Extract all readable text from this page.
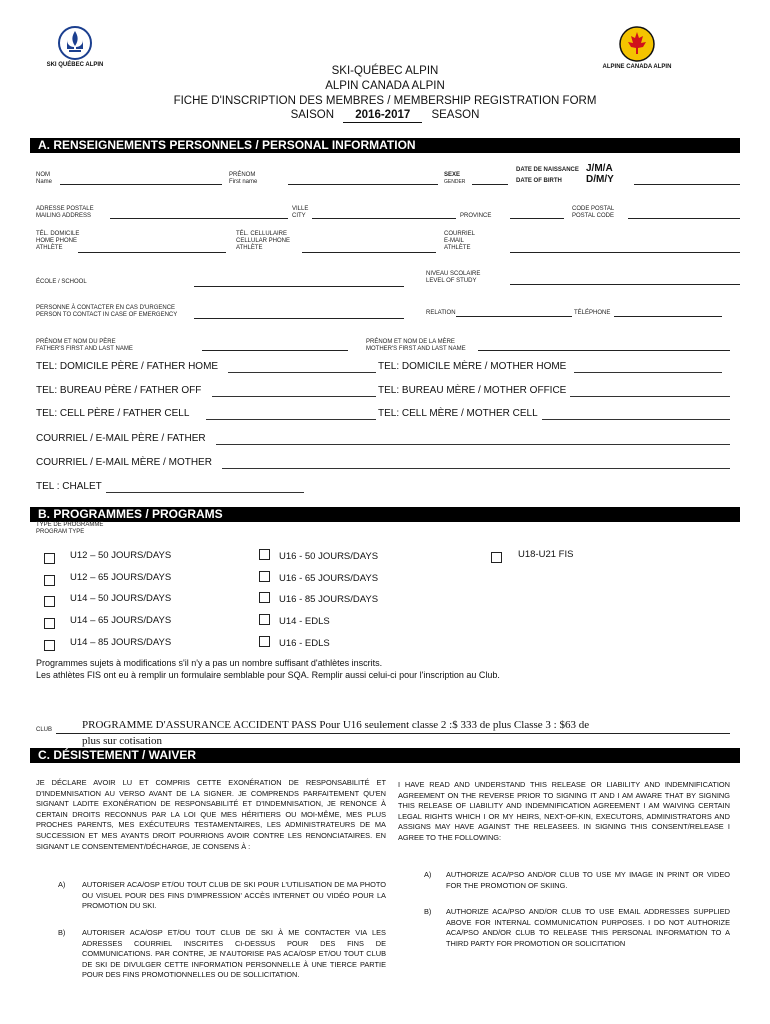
SKI QUÉBEC ALPIN	ALPINE CANADA ALPIN
SKI-QUÉBEC ALPIN
ALPIN CANADA ALPIN
FICHE D'INSCRIPTION DES MEMBRES / MEMBERSHIP REGISTRATION FORM
SAISON 2016-2017 SEASON
A. RENSEIGNEMENTS PERSONNELS / PERSONAL INFORMATION
NOM
Name
PRÉNOM
First name
SEXE
GENDER
DATE DE NAISSANCE J/M/A
DATE OF BIRTH D/M/Y
ADRESSE POSTALE
MAILING ADDRESS
VILLE
CITY	PROVINCE
CODE POSTAL
POSTAL CODE
TÉL. DOMICILE
HOME PHONE
ATHLÈTE
TÉL. CELLULAIRE
CELLULAR PHONE
ATHLÈTE
COURRIEL
E-MAIL
ATHLÈTE
NIVEAU SCOLAIRE
LEVEL OF STUDY
ÉCOLE / SCHOOL
PERSONNE À CONTACTER EN CAS D'URGENCE
PERSON TO CONTACT IN CASE OF EMERGENCY	RELATION	TÉLÉPHONE
PRÉNOM ET NOM DU PÈRE
FATHER'S FIRST AND LAST NAME
PRÉNOM ET NOM DE LA MÈRE
MOTHER'S FIRST AND LAST NAME
TEL: DOMICILE PÈRE / FATHER HOME	TEL: DOMICILE MÈRE / MOTHER HOME
TEL: BUREAU PÈRE / FATHER OFF	TEL: BUREAU MÈRE / MOTHER OFFICE
TEL: CELL PÈRE / FATHER CELL	TEL: CELL MÈRE / MOTHER CELL
COURRIEL / E-MAIL PÈRE / FATHER
COURRIEL / E-MAIL MÈRE / MOTHER
TEL : CHALET
B. PROGRAMMES / PROGRAMS
TYPE DE PROGRAMME
PROGRAM TYPE
U12 – 50 JOURS/DAYS
U12 – 65 JOURS/DAYS
U14 – 50 JOURS/DAYS
U14 – 65 JOURS/DAYS
U14 – 85 JOURS/DAYS
U16 - 50 JOURS/DAYS
U16 - 65 JOURS/DAYS
U16 - 85 JOURS/DAYS
U14 - EDLS
U16 - EDLS
U18-U21 FIS
Programmes sujets à modifications s'il n'y a pas un nombre suffisant d'athlètes inscrits.
Les athlètes FIS ont eu à remplir un formulaire semblable pour SQA. Remplir aussi celui-ci pour l'inscription au Club.
CLUB	PROGRAMME D'ASSURANCE ACCIDENT PASS Pour U16 seulement classe 2 :$ 333 de plus Classe 3 : $63 de
plus sur cotisation
C. DÉSISTEMENT / WAIVER
JE DÉCLARE AVOIR LU ET COMPRIS CETTE EXONÉRATION DE RESPONSABILITÉ ET D'INDEMNISATION AU VERSO AVANT DE LA SIGNER. JE COMPRENDS PARFAITEMENT QU'EN SIGNANT LADITE EXONÉRATION DE RESPONSABILITÉ ET D'INDEMNISATION, JE RENONCE À CERTAIN DROITS RECONNUS PAR LA LOI QUE MES HÉRITIERS OU MOI-MÊME, MES PLUS PROCHES PARENTS, MES EXÉCUTEURS TESTAMENTAIRES, LES ADMINISTRATEURS DE MA SUCCESSION ET MES AYANTS DROIT POURRIONS AVOIR CONTRE LES RENONCIATAIRES. EN SIGNANT LE CONSENTEMENT/DÉCHARGE, JE CONSENS À :
A) AUTORISER ACA/OSP ET/OU TOUT CLUB DE SKI POUR L'UTILISATION DE MA PHOTO OU VISUEL POUR DES FINS D'IMPRESSION' ACCÈS INTERNET OU VIDÉO POUR LA PROMOTION DU SKI.
B) AUTORISER ACA/OSP ET/OU TOUT CLUB DE SKI À ME CONTACTER VIA LES ADRESSES COURRIEL INSCRITES CI-DESSUS POUR DES FINS DE COMMUNICATIONS. PAR CONTRE, JE N'AUTORISE PAS ACA/OSP ET/OU TOUT CLUB DE SKI DE DIVULGER CETTE INFORMATION PERSONNELLE À UNE TIERCE PARTIE POUR DES FINS PROMOTIONNELLES OU DE SOLLICITATION.
I HAVE READ AND UNDERSTAND THIS RELEASE OR LIABILITY AND INDEMNIFICATION AGREEMENT ON THE REVERSE PRIOR TO SIGNING IT AND I AM AWARE THAT BY SIGNING THIS RELEASE OF LIABILITY AND INDEMNIFICATION AGREEMENT I AM WAIVING CERTAIN LEGAL RIGHTS WHICH I OR MY HEIRS, NEXT-OF-KIN, EXECUTORS, ADMINISTRATORS AND ASSIGNS MAY HAVE AGAINST THE RELEASEES. IN SIGNING THIS CONSENT/RELEASE I AGREE TO THE FOLLOWING:
A) AUTHORIZE ACA/PSO AND/OR CLUB TO USE MY IMAGE IN PRINT OR VIDEO FOR THE PROMOTION OF SKIING.
B) AUTHORIZE ACA/PSO AND/OR CLUB TO USE EMAIL ADDRESSES SUPPLIED ABOVE FOR INTERNAL COMMUNICATION PURPOSES. I DO NOT AUTHORIZE ACA/PSO AND/OR CLUB TO RELEASE THIS PERSONAL INFORMATION TO A THIRD PARTY FOR PROMOTION OR SOLICITATION
